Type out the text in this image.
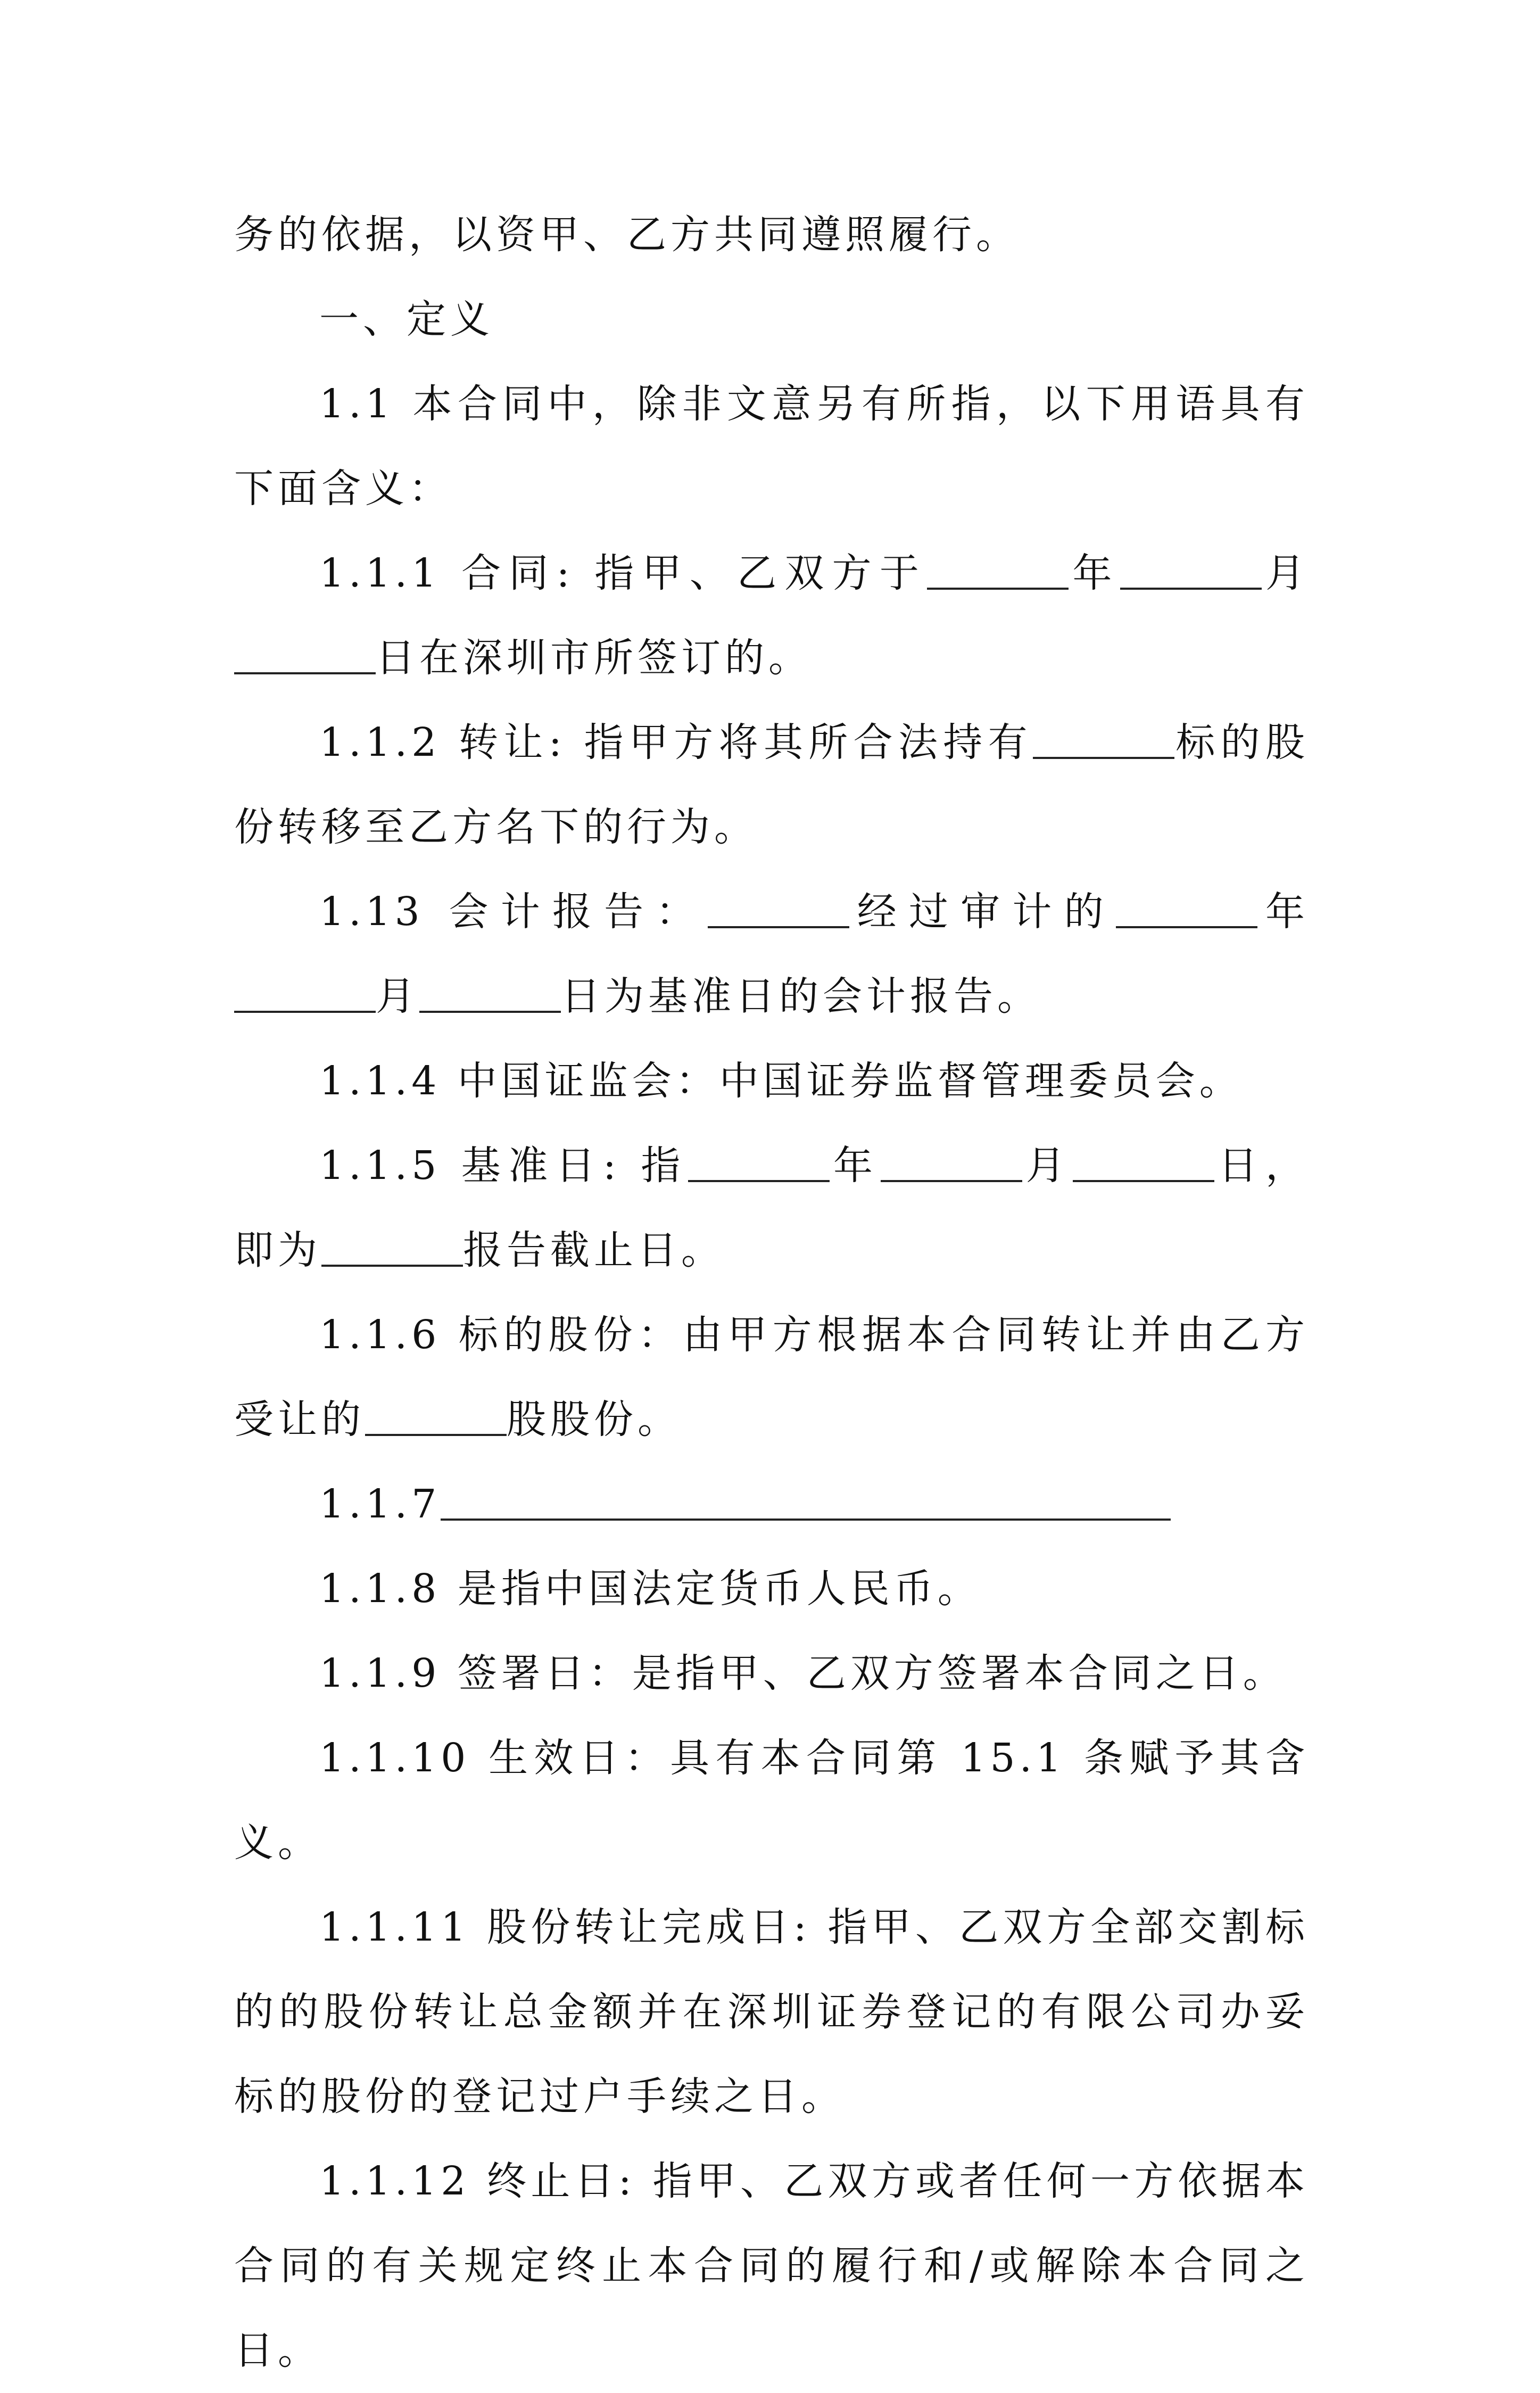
务的依据，以资甲、乙方共同遵照履行。

一、定义

1.1 本合同中，除非文意另有所指，以下用语具有下面含义：

1.1.1 合同: 指甲、乙双方于	年	月日在深圳市所签订的。

1.1.2 转让: 指甲方将其所合法持有	标的股份转移至乙方名下的行为。

1.13 会计报告：	经过审计的	年月	日为基准日的会计报告。

1.1.4 中国证监会：中国证券监督管理委员会。

1.1.5 基准日: 指	年	月	日，即为	报告截止日。

1.1.6 标的股份：由甲方根据本合同转让并由乙方受让的	股股份。

1.1.7

1.1.8 是指中国法定货币人民币。

1.1.9 签署日：是指甲、乙双方签署本合同之日。

1.1.10 生效日：具有本合同第 15.1 条赋予其含义。

1.1.11 股份转让完成日: 指甲、乙双方全部交割标的的股份转让总金额并在深圳证券登记的有限公司办妥标的股份的登记过户手续之日。

1.1.12 终止日: 指甲、乙双方或者任何一方依据本合同的有关规定终止本合同的履行和/或解除本合同之日。
